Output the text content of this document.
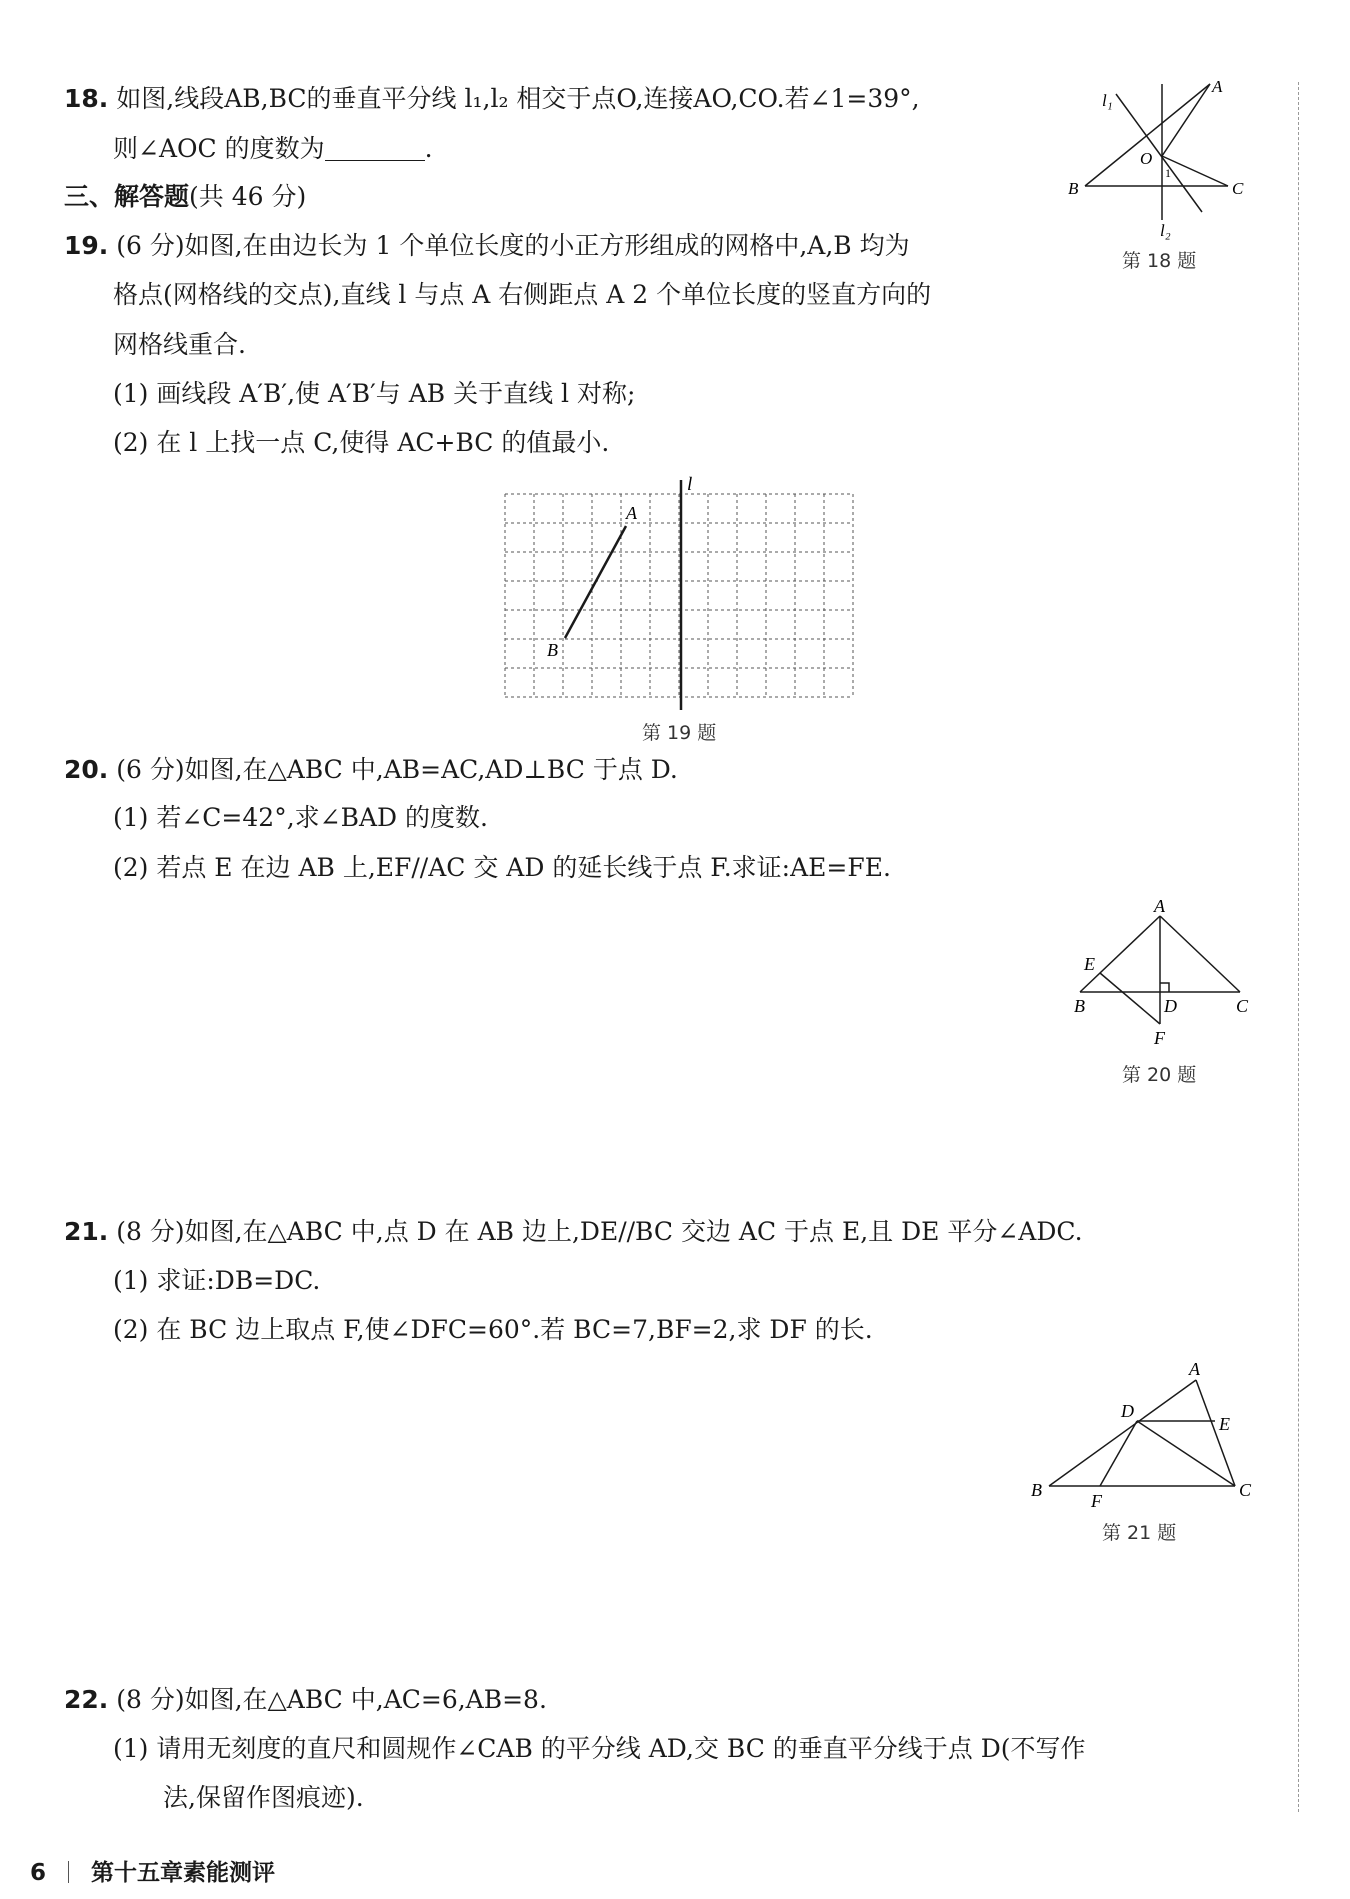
18. 如图,线段AB,BC的垂直平分线 l₁,l₂ 相交于点O,连接AO,CO.若∠1=39°,
则∠AOC 的度数为	.
l₁
A
O
1
B	C
l₂
第 18 题
三、解答题(共 46 分)
19. (6 分)如图,在由边长为 1 个单位长度的小正方形组成的网格中,A,B 均为
格点(网格线的交点),直线 l 与点 A 右侧距点 A 2 个单位长度的竖直方向的
网格线重合.
(1) 画线段 A′B′,使 A′B′与 AB 关于直线 l 对称;
(2) 在 l 上找一点 C,使得 AC+BC 的值最小.
l
A
B
第 19 题
20. (6 分)如图,在△ABC 中,AB=AC,AD⊥BC 于点 D.
(1) 若∠C=42°,求∠BAD 的度数.
(2) 若点 E 在边 AB 上,EF//AC 交 AD 的延长线于点 F.求证:AE=FE.
A
E
B	D	C
F
第 20 题
21. (8 分)如图,在△ABC 中,点 D 在 AB 边上,DE//BC 交边 AC 于点 E,且 DE 平分∠ADC.
(1) 求证:DB=DC.
(2) 在 BC 边上取点 F,使∠DFC=60°.若 BC=7,BF=2,求 DF 的长.
A
D
E
B
F
C
第 21 题
22. (8 分)如图,在△ABC 中,AC=6,AB=8.
(1) 请用无刻度的直尺和圆规作∠CAB 的平分线 AD,交 BC 的垂直平分线于点 D(不写作
法,保留作图痕迹).
6 第十五章素能测评
